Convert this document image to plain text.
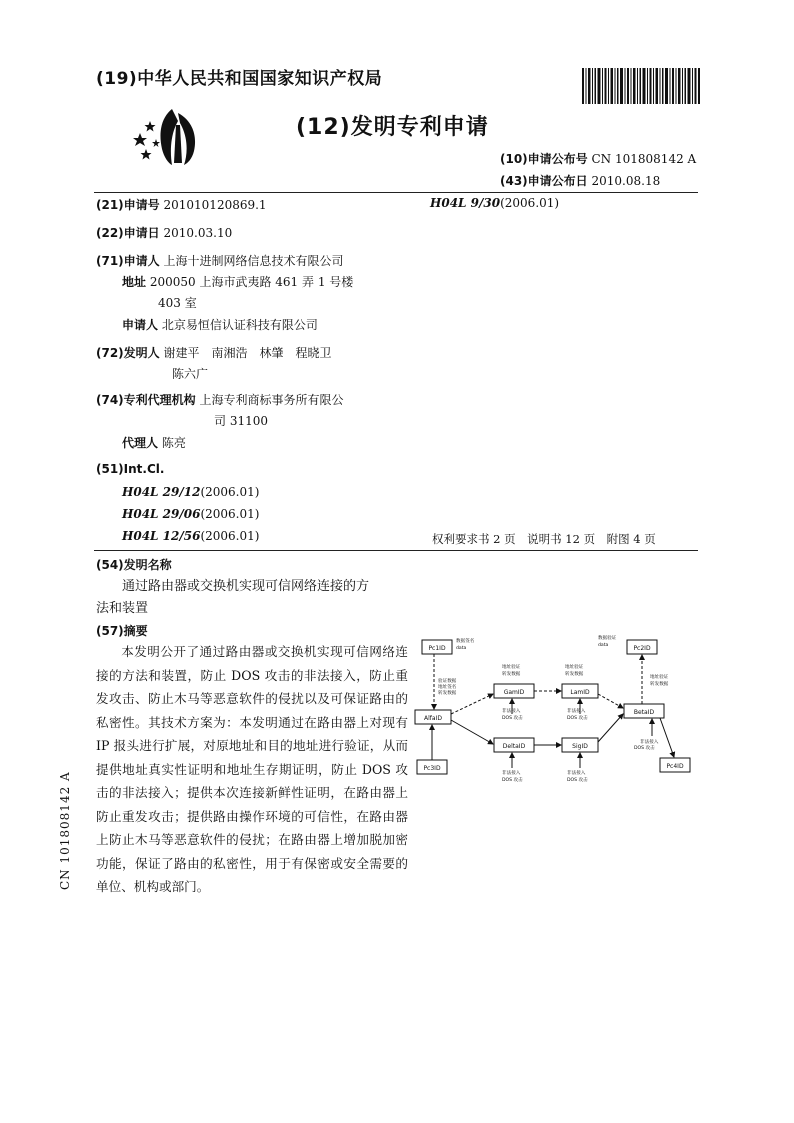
(19)中华人民共和国国家知识产权局
(12)发明专利申请
(10)申请公布号 CN 101808142 A
(43)申请公布日 2010.08.18
(21)申请号 201010120869.1	H04L 9/30(2006.01)
(22)申请日 2010.03.10
(71)申请人 上海十进制网络信息技术有限公司
地址 200050 上海市武夷路 461 弄 1 号楼
403 室
申请人 北京易恒信认证科技有限公司
(72)发明人 谢建平　南湘浩　林肇　程晓卫
陈六广
(74)专利代理机构 上海专利商标事务所有限公
司 31100
代理人 陈亮
(51)Int.Cl.
H04L 29/12(2006.01)
H04L 29/06(2006.01)
H04L 12/56(2006.01)	权利要求书 2 页　说明书 12 页　附图 4 页
(54)发明名称
通过路由器或交换机实现可信网络连接的方
法和装置
(57)摘要

本发明公开了通过路由器或交换机实现可信网络连接的方法和装置，防止 DOS 攻击的非法接入，防止重发攻击、防止木马等恶意软件的侵扰以及可保证路由的私密性。其技术方案为：本发明通过在路由器上对现有 IP 报头进行扩展，对原地址和目的地址进行验证，从而提供地址真实性证明和地址生存期证明，防止 DOS 攻击的非法接入；提供本次连接新鲜性证明，在路由器上防止重发攻击；提供路由操作环境的可信性，在路由器上防止木马等恶意软件的侵扰；在路由器上增加脱加密功能，保证了路由的私密性，用于有保密或安全需要的单位、机构或部门。

Pc1ID	Pc2ID
AlfaID
GamID	LamID
BetaID
DeltaID	SigID
Pc3ID	Pc4ID
数据签名
data
数据验证
data
验证数据
地址签名
转发数据
地址验证
转发数据
地址验证
转发数据
地址验证
转发数据
非法接入
DOS 攻击
非法接入
DOS 攻击
非法接入
DOS 攻击
非法接入
DOS 攻击
非法接入
DOS 攻击
CN 101808142 A
